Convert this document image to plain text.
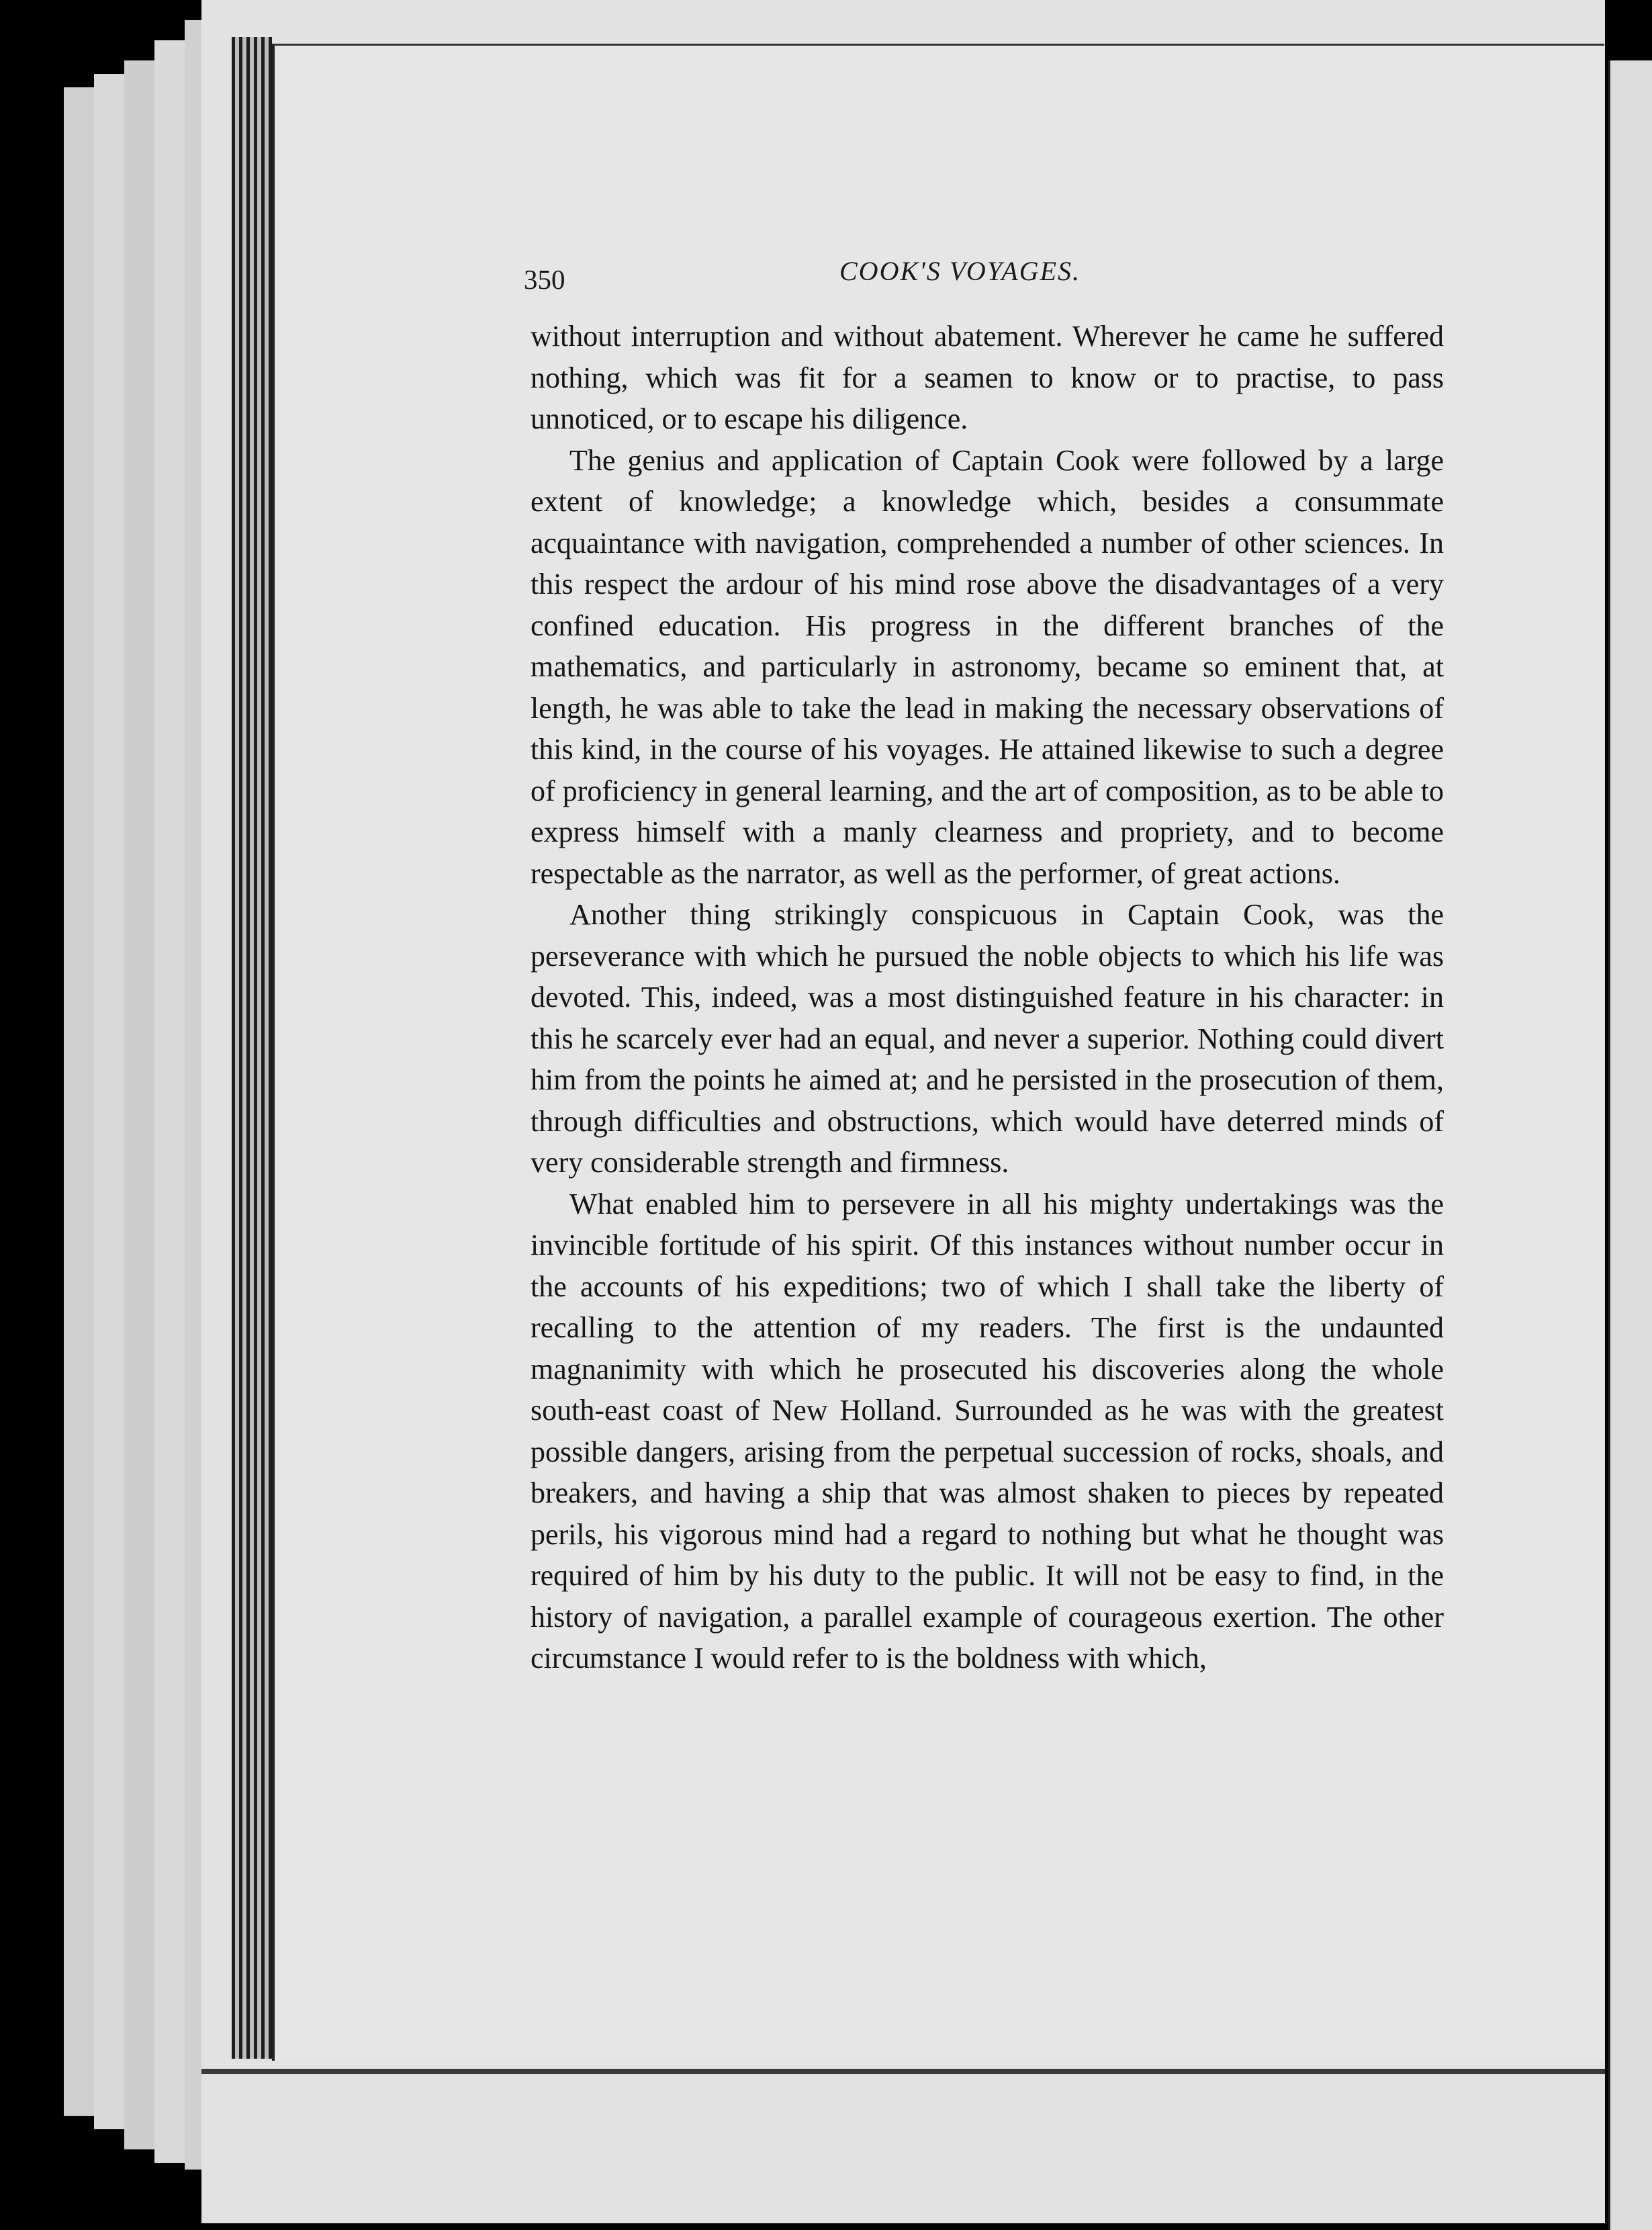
350	COOK'S VOYAGES.

without interruption and without abatement. Wherever he came he suffered nothing, which was fit for a seamen to know or to practise, to pass unnoticed, or to escape his diligence.

The genius and application of Captain Cook were followed by a large extent of knowledge; a knowledge which, besides a consummate acquaintance with navigation, comprehended a number of other sciences. In this respect the ardour of his mind rose above the disadvantages of a very confined education. His progress in the different branches of the mathematics, and particularly in astronomy, became so eminent that, at length, he was able to take the lead in making the necessary observations of this kind, in the course of his voyages. He attained likewise to such a degree of proficiency in general learning, and the art of composition, as to be able to express himself with a manly clearness and propriety, and to become respectable as the narrator, as well as the performer, of great actions.

Another thing strikingly conspicuous in Captain Cook, was the perseverance with which he pursued the noble objects to which his life was devoted. This, indeed, was a most distinguished feature in his character: in this he scarcely ever had an equal, and never a superior. Nothing could divert him from the points he aimed at; and he persisted in the prosecution of them, through difficulties and obstructions, which would have deterred minds of very considerable strength and firmness.

What enabled him to persevere in all his mighty undertakings was the invincible fortitude of his spirit. Of this instances without number occur in the accounts of his expeditions; two of which I shall take the liberty of recalling to the attention of my readers. The first is the undaunted magnanimity with which he prosecuted his discoveries along the whole south-east coast of New Holland. Surrounded as he was with the greatest possible dangers, arising from the perpetual succession of rocks, shoals, and breakers, and having a ship that was almost shaken to pieces by repeated perils, his vigorous mind had a regard to nothing but what he thought was required of him by his duty to the public. It will not be easy to find, in the history of navigation, a parallel example of courageous exertion. The other circumstance I would refer to is the boldness with which,
